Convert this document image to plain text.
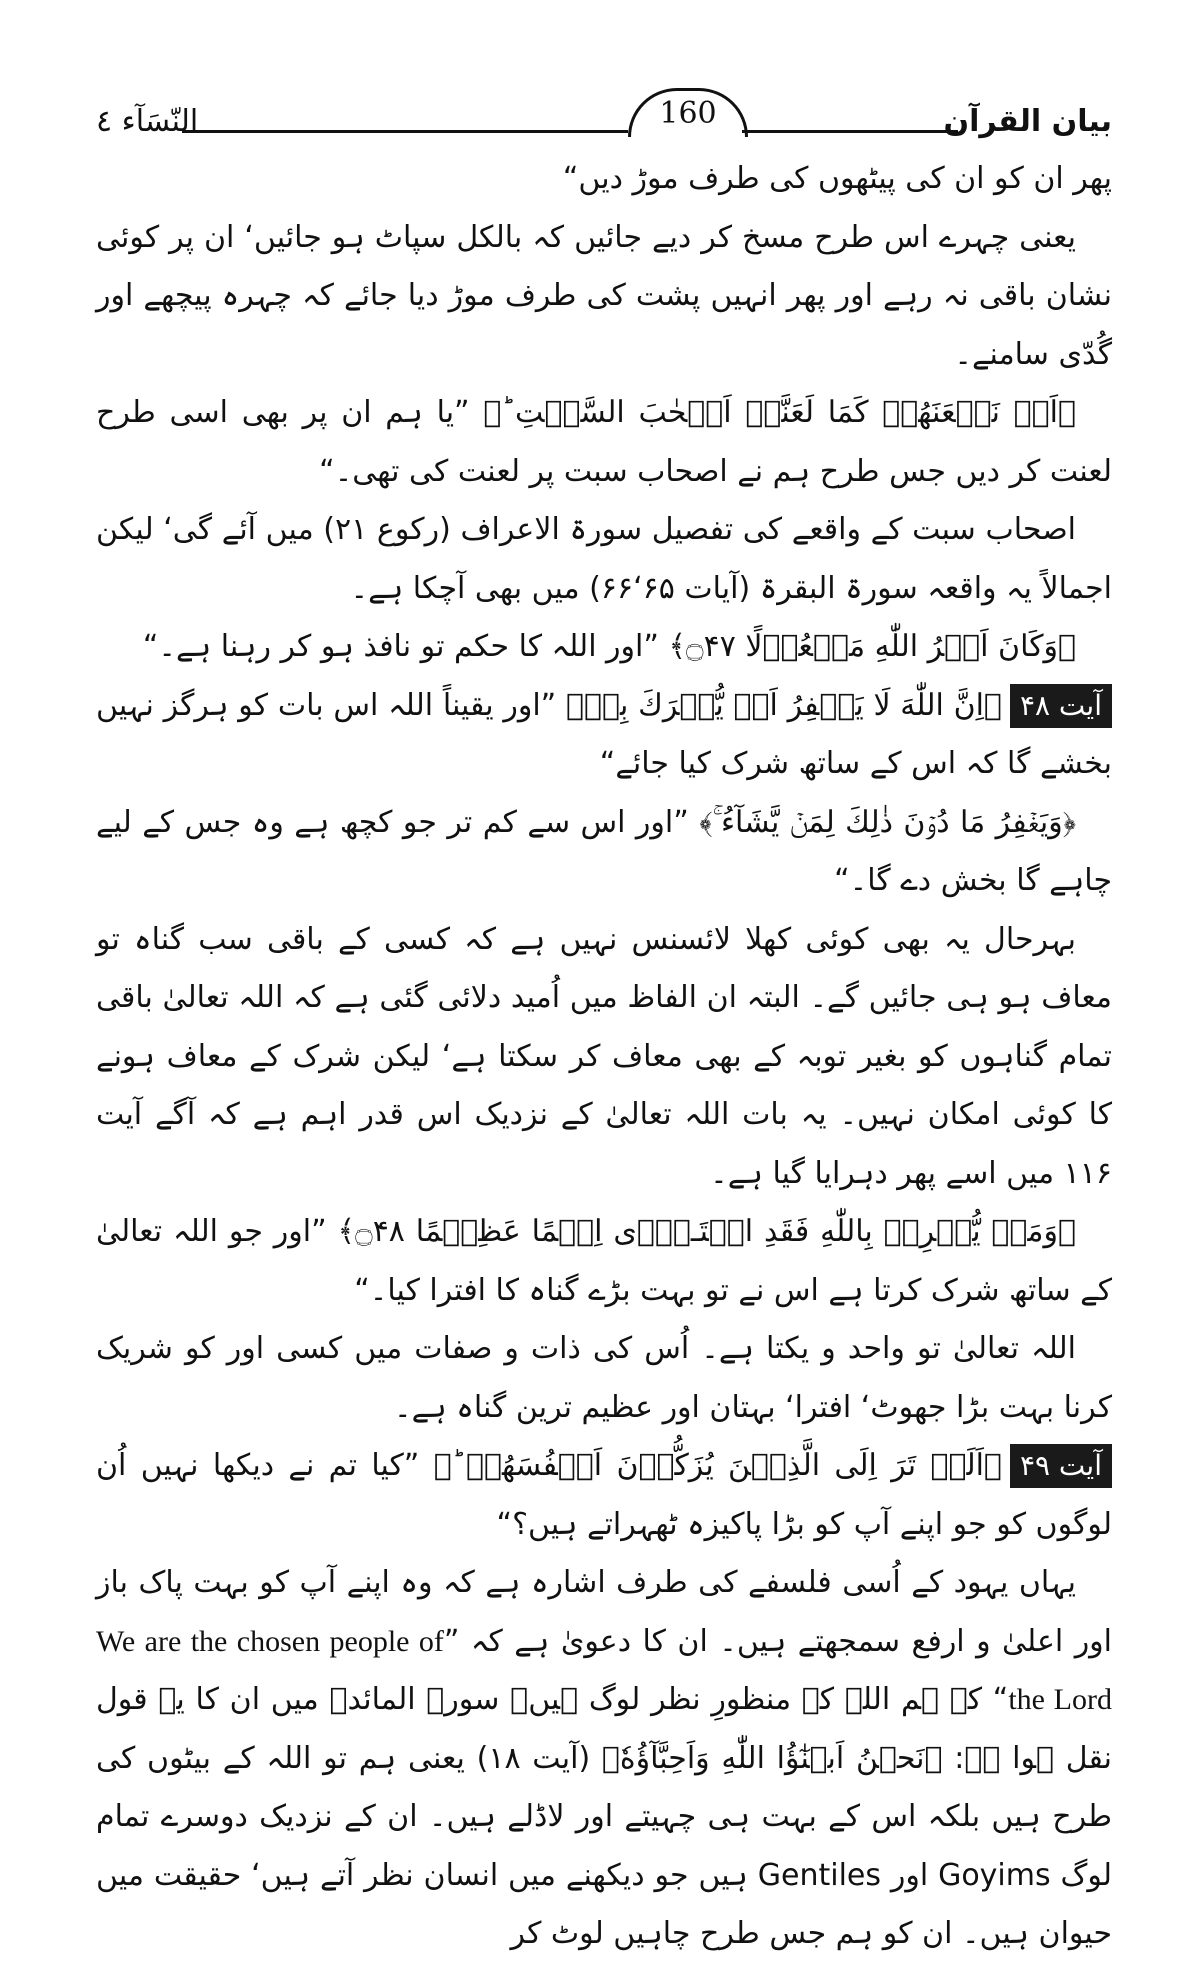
160	بیان القرآن
النّسَآء ٤

پھر ان کو ان کی پیٹھوں کی طرف موڑ دیں“

یعنی چہرے اس طرح مسخ کر دیے جائیں کہ بالکل سپاٹ ہو جائیں‘ ان پر کوئی نشان باقی نہ رہے اور پھر انہیں پشت کی طرف موڑ دیا جائے کہ چہرہ پیچھے اور گُدّی سامنے۔

﴿اَوۡ نَلۡعَنَهُمۡ كَمَا لَعَنَّاۤ اَصۡحٰبَ السَّبۡتِ ؕ﴾ ”یا ہم ان پر بھی اسی طرح لعنت کر دیں جس طرح ہم نے اصحاب سبت پر لعنت کی تھی۔“

اصحاب سبت کے واقعے کی تفصیل سورۃ الاعراف (رکوع ۲۱) میں آئے گی‘ لیکن اجمالاً یہ واقعہ سورۃ البقرۃ (آیات ۶۵‘۶۶) میں بھی آچکا ہے۔

﴿وَكَانَ اَمۡرُ اللّٰهِ مَفۡعُوۡلًا ۝۴۷﴾ ”اور اللہ کا حکم تو نافذ ہو کر رہنا ہے۔“

آیت ۴۸﴿اِنَّ اللّٰهَ لَا يَغۡفِرُ اَنۡ يُّشۡرَكَ بِهٖ﴾ ”اور یقیناً اللہ اس بات کو ہرگز نہیں بخشے گا کہ اس کے ساتھ شرک کیا جائے“

﴿وَيَغۡفِرُ مَا دُوۡنَ ذٰلِكَ لِمَنۡ يَّشَآءُ ۚ﴾ ”اور اس سے کم تر جو کچھ ہے وہ جس کے لیے چاہے گا بخش دے گا۔“

بہرحال یہ بھی کوئی کھلا لائسنس نہیں ہے کہ کسی کے باقی سب گناہ تو معاف ہو ہی جائیں گے۔ البتہ ان الفاظ میں اُمید دلائی گئی ہے کہ اللہ تعالیٰ باقی تمام گناہوں کو بغیر توبہ کے بھی معاف کر سکتا ہے‘ لیکن شرک کے معاف ہونے کا کوئی امکان نہیں۔ یہ بات اللہ تعالیٰ کے نزدیک اس قدر اہم ہے کہ آگے آیت ۱۱۶ میں اسے پھر دہرایا گیا ہے۔

﴿وَمَنۡ يُّشۡرِكۡ بِاللّٰهِ فَقَدِ افۡتَـرٰۤى اِثۡمًا عَظِيۡمًا ۝۴۸﴾ ”اور جو اللہ تعالیٰ کے ساتھ شرک کرتا ہے اس نے تو بہت بڑے گناہ کا افترا کیا۔“

اللہ تعالیٰ تو واحد و یکتا ہے۔ اُس کی ذات و صفات میں کسی اور کو شریک کرنا بہت بڑا جھوٹ‘ افترا‘ بہتان اور عظیم ترین گناہ ہے۔

آیت ۴۹﴿اَلَمۡ تَرَ اِلَى الَّذِيۡنَ يُزَكُّوۡنَ اَنۡفُسَهُمۡ ؕ﴾ ”کیا تم نے دیکھا نہیں اُن لوگوں کو جو اپنے آپ کو بڑا پاکیزہ ٹھہراتے ہیں؟“

یہاں یہود کے اُسی فلسفے کی طرف اشارہ ہے کہ وہ اپنے آپ کو بہت پاک باز اور اعلیٰ و ارفع سمجھتے ہیں۔ ان کا دعویٰ ہے کہ ”We are the chosen people of the Lord“ کہ ہم اللہ کے منظورِ نظر لوگ ہیں۔ سورۃ المائدۃ میں ان کا یہ قول نقل ہوا ہے: ﴿نَحۡنُ اَبۡنٰٓؤُا اللّٰهِ وَاَحِبَّآؤُهٗ﴾ (آیت ۱۸) یعنی ہم تو اللہ کے بیٹوں کی طرح ہیں بلکہ اس کے بہت ہی چہیتے اور لاڈلے ہیں۔ ان کے نزدیک دوسرے تمام لوگ Goyims اور Gentiles ہیں جو دیکھنے میں انسان نظر آتے ہیں‘ حقیقت میں حیوان ہیں۔ ان کو ہم جس طرح چاہیں لوٹ کر
